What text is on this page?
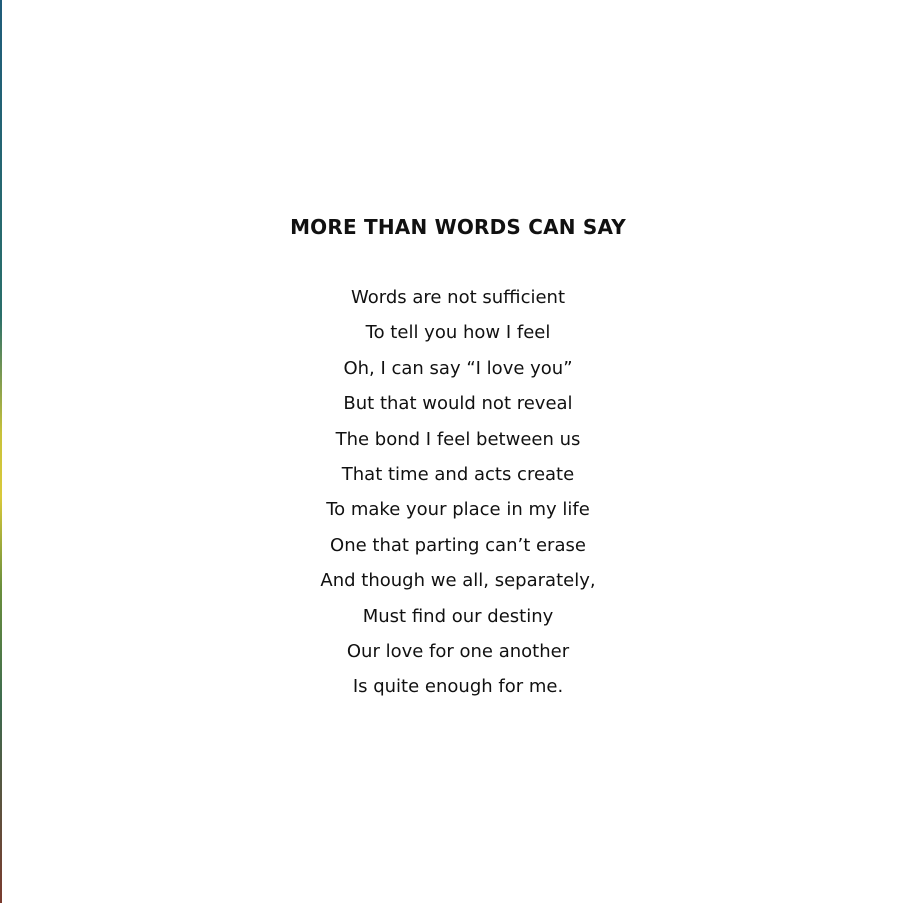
MORE THAN WORDS CAN SAY
Words are not sufficient
To tell you how I feel
Oh, I can say “I love you”
But that would not reveal
The bond I feel between us
That time and acts create
To make your place in my life
One that parting can’t erase
And though we all, separately,
Must find our destiny
Our love for one another
Is quite enough for me.
